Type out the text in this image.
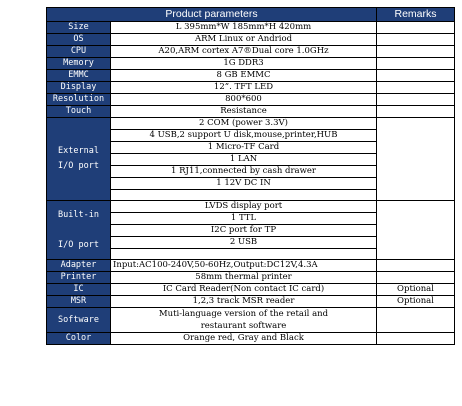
Product parameters		Remarks
Size	L 395mm*W 185mm*H 420mm	
OS	ARM Linux or Andriod	
CPU	A20,ARM cortex A7®Dual core 1.0GHz	
Memory	1G DDR3	
EMMC	8 GB EMMC	
Display	12”. TFT LED	
Resolution	800*600	
Touch	Resistance	

External
I/O port	2 COM (power 3.3V)	
	4 USB,2 support U disk,mouse,printer,HUB	
	1 Micro-TF Card	
	1 LAN	
	1 RJ11,connected by cash drawer	
	1 12V DC IN	

Built-in
I/O port	LVDS display port	
	1 TTL	
	I2C port for TP	
	2 USB	

Adapter	Input:AC100-240V,50-60Hz,Output:DC12V,4.3A	
Printer	58mm thermal printer	
IC	IC Card Reader(Non contact IC card)	Optional
MSR	1,2,3 track MSR reader	Optional
Software	Muti-language version of the retail and
restaurant software	

Color	Orange red, Gray and Black	
